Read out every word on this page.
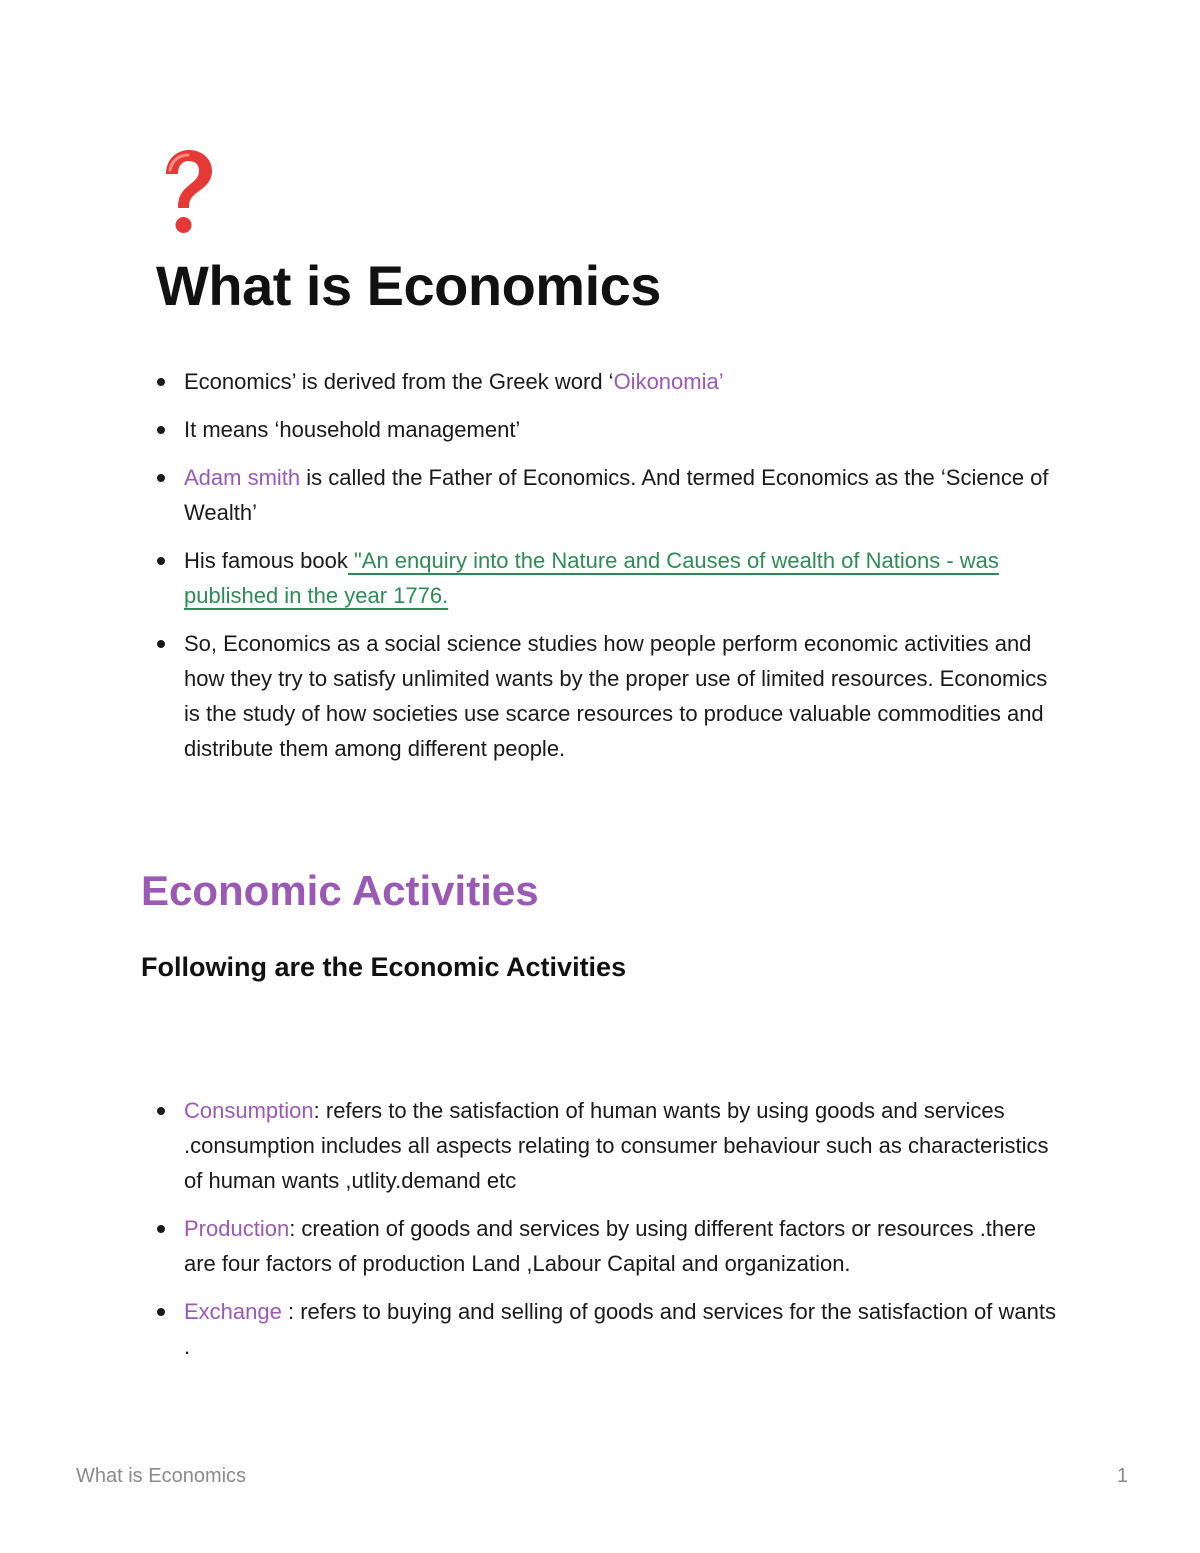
What is Economics
Economics’ is derived from the Greek word ‘Oikonomia’
It means ‘household management’
Adam smith is called the Father of Economics. And termed Economics as the ‘Science of Wealth’
His famous book "An enquiry into the Nature and Causes of wealth of Nations - was published in the year 1776.
So, Economics as a social science studies how people perform economic activities and how they try to satisfy unlimited wants by the proper use of limited resources. Economics is the study of how societies use scarce resources to produce valuable commodities and distribute them among different people.
Economic Activities
Following are the Economic Activities
Consumption: refers to the satisfaction of human wants by using goods and services .consumption includes all aspects relating to consumer behaviour such as characteristics of human wants ,utlity.demand etc
Production: creation of goods and services by using different factors or resources .there are four factors of production Land ,Labour Capital and organization.
Exchange : refers to buying and selling of goods and services for the satisfaction of wants .
What is Economics	1
